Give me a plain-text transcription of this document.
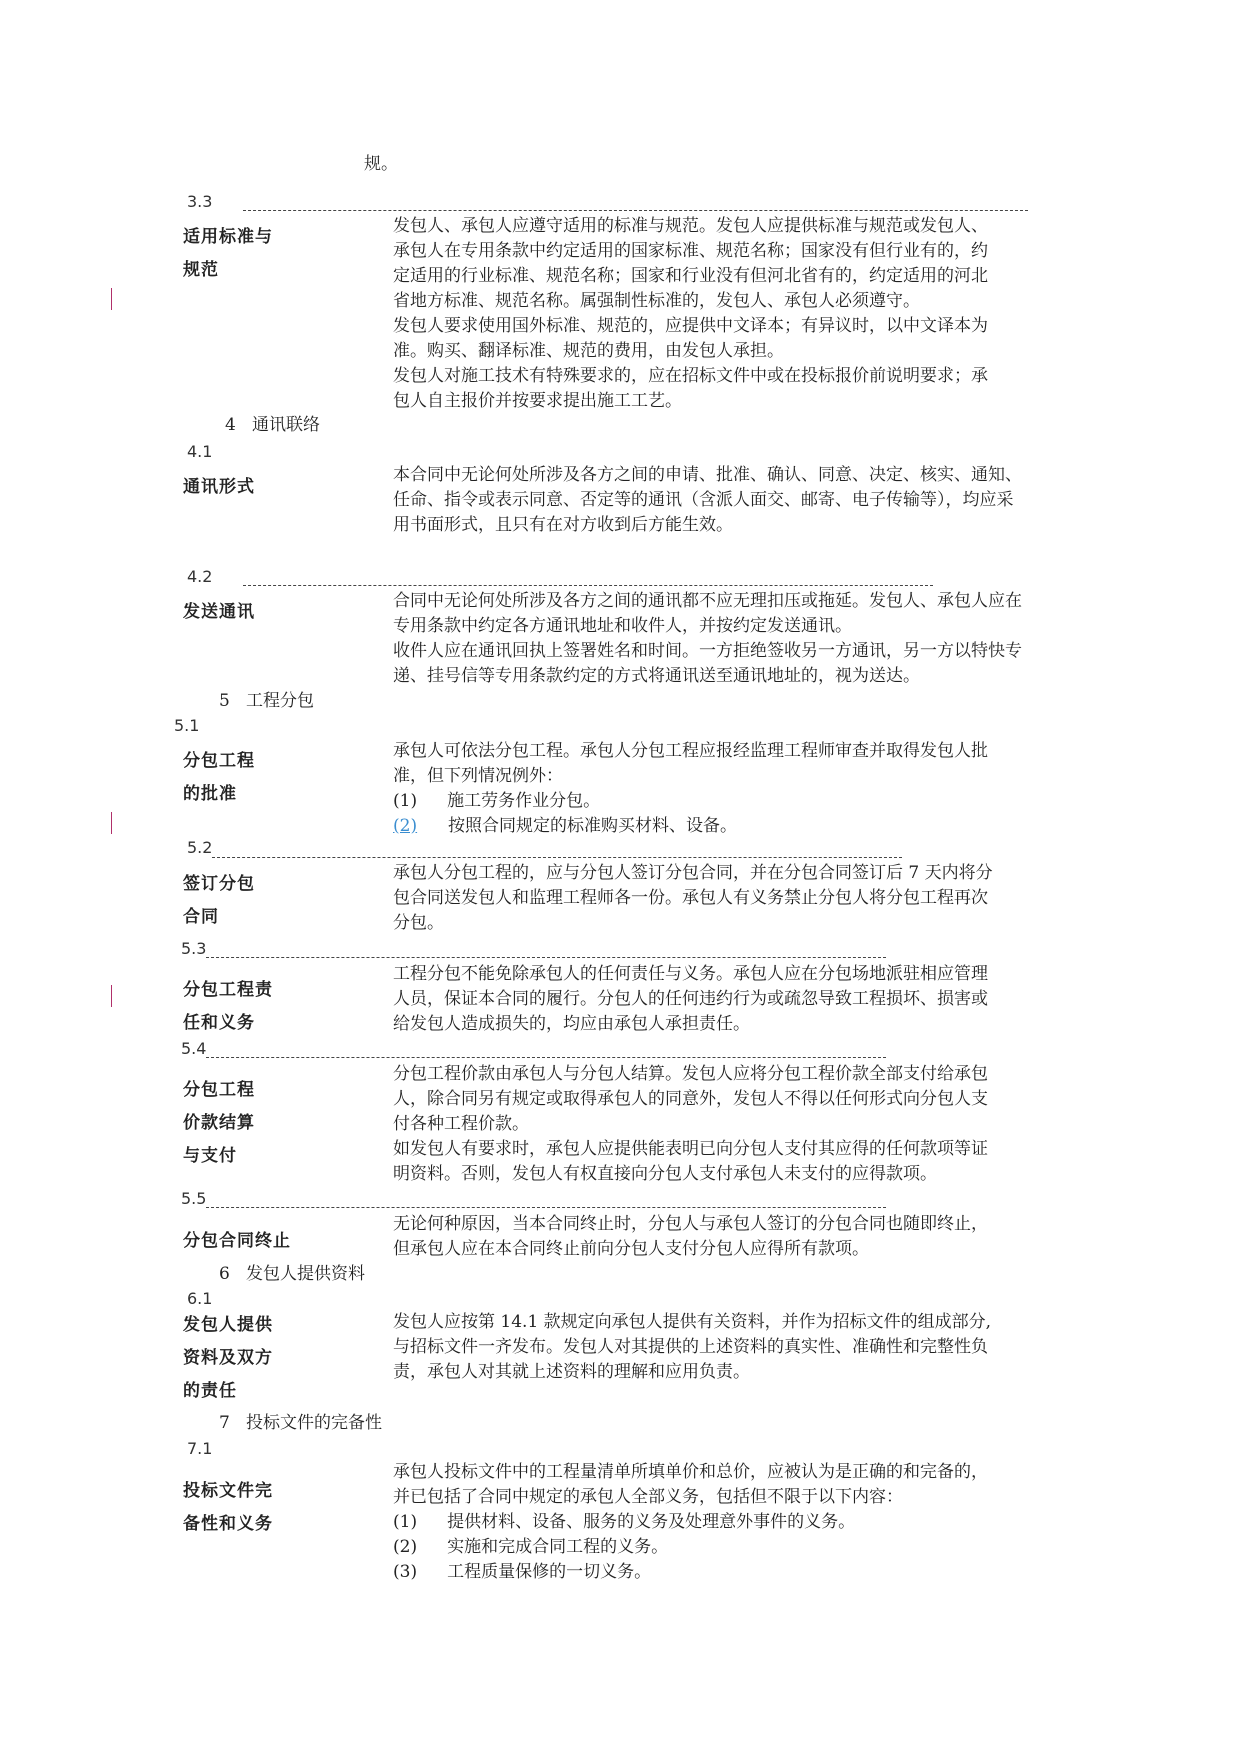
规。
3.3
适用标准与
规范
发包人、承包人应遵守适用的标准与规范。发包人应提供标准与规范或发包人、
承包人在专用条款中约定适用的国家标准、规范名称；国家没有但行业有的，约
定适用的行业标准、规范名称；国家和行业没有但河北省有的，约定适用的河北
省地方标准、规范名称。属强制性标准的，发包人、承包人必须遵守。
发包人要求使用国外标准、规范的，应提供中文译本；有异议时，以中文译本为
准。购买、翻译标准、规范的费用，由发包人承担。
发包人对施工技术有特殊要求的，应在招标文件中或在投标报价前说明要求；承
包人自主报价并按要求提出施工工艺。
4 通讯联络
4.1
通讯形式
本合同中无论何处所涉及各方之间的申请、批准、确认、同意、决定、核实、通知、
任命、指令或表示同意、否定等的通讯（含派人面交、邮寄、电子传输等），均应采
用书面形式，且只有在对方收到后方能生效。
4.2
发送通讯
合同中无论何处所涉及各方之间的通讯都不应无理扣压或拖延。发包人、承包人应在
专用条款中约定各方通讯地址和收件人，并按约定发送通讯。
收件人应在通讯回执上签署姓名和时间。一方拒绝签收另一方通讯，另一方以特快专
递、挂号信等专用条款约定的方式将通讯送至通讯地址的，视为送达。
5 工程分包
5.1
分包工程
的批准
承包人可依法分包工程。承包人分包工程应报经监理工程师审查并取得发包人批
准，但下列情况例外：
(1) 施工劳务作业分包。
(2) 按照合同规定的标准购买材料、设备。
5.2
签订分包
合同
承包人分包工程的，应与分包人签订分包合同，并在分包合同签订后 7 天内将分
包合同送发包人和监理工程师各一份。承包人有义务禁止分包人将分包工程再次
分包。
5.3
分包工程责
任和义务
工程分包不能免除承包人的任何责任与义务。承包人应在分包场地派驻相应管理
人员，保证本合同的履行。分包人的任何违约行为或疏忽导致工程损坏、损害或
给发包人造成损失的，均应由承包人承担责任。
5.4
分包工程
价款结算
与支付
分包工程价款由承包人与分包人结算。发包人应将分包工程价款全部支付给承包
人，除合同另有规定或取得承包人的同意外，发包人不得以任何形式向分包人支
付各种工程价款。
如发包人有要求时，承包人应提供能表明已向分包人支付其应得的任何款项等证
明资料。否则，发包人有权直接向分包人支付承包人未支付的应得款项。
5.5
分包合同终止
无论何种原因，当本合同终止时，分包人与承包人签订的分包合同也随即终止，
但承包人应在本合同终止前向分包人支付分包人应得所有款项。
6 发包人提供资料
6.1
发包人提供
资料及双方
的责任
发包人应按第 14.1 款规定向承包人提供有关资料，并作为招标文件的组成部分,
与招标文件一齐发布。发包人对其提供的上述资料的真实性、准确性和完整性负
责，承包人对其就上述资料的理解和应用负责。
7 投标文件的完备性
7.1
投标文件完
备性和义务
承包人投标文件中的工程量清单所填单价和总价，应被认为是正确的和完备的，
并已包括了合同中规定的承包人全部义务，包括但不限于以下内容：
(1) 提供材料、设备、服务的义务及处理意外事件的义务。
(2) 实施和完成合同工程的义务。
(3) 工程质量保修的一切义务。
